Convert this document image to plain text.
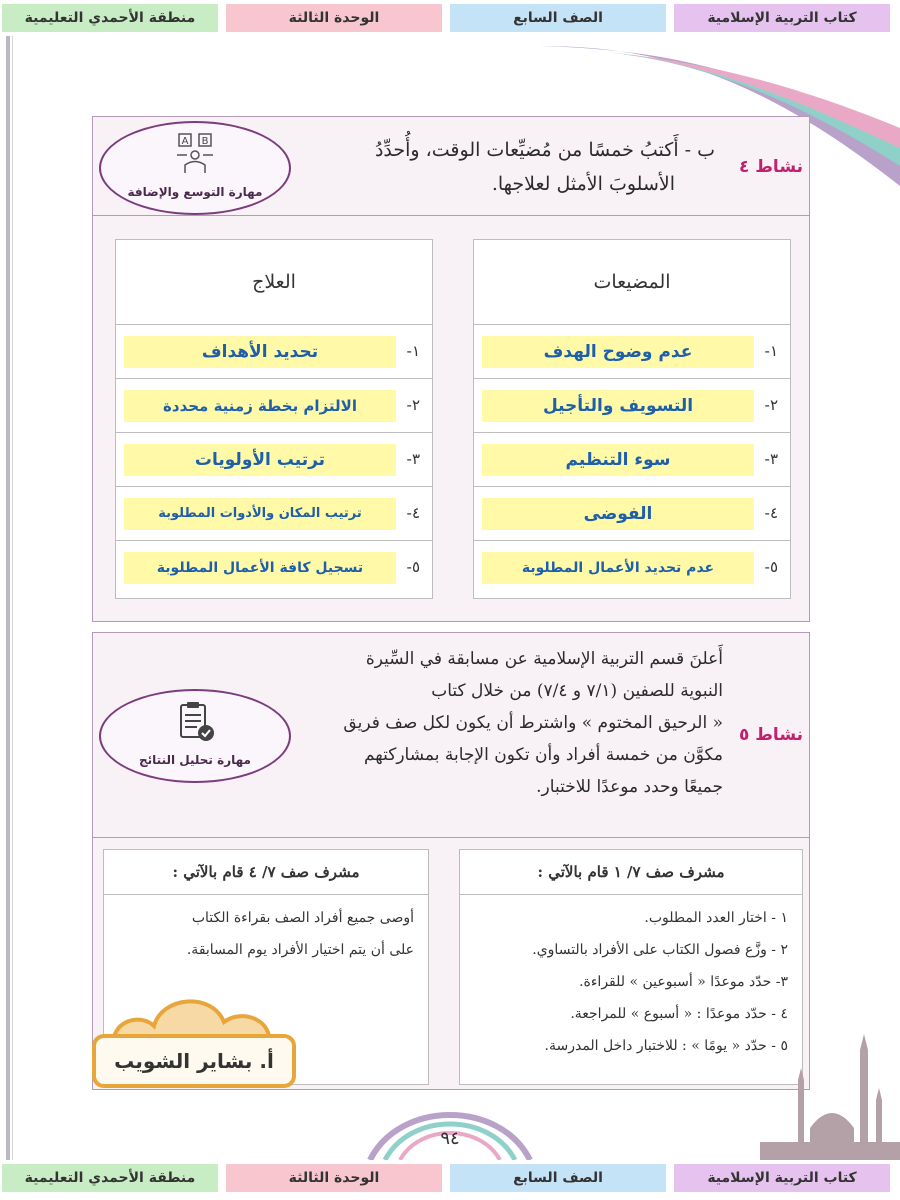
كتاب التربية الإسلامية
الصف السابع
الوحدة الثالثة
منطقة الأحمدي التعليمية
نشاط ٤
ب - أَكتبُ خمسًا من مُضيِّعات الوقت، وأُحدِّدُ
الأسلوبَ الأمثل لعلاجها.
A B
مهارة التوسع والإضافة
المضيعات
١-
عدم وضوح الهدف
٢-
التسويف والتأجيل
٣-
سوء التنظيم
٤-
الفوضى
٥-
عدم تحديد الأعمال المطلوبة
العلاج
١-
تحديد الأهداف
٢-
الالتزام بخطة زمنية محددة
٣-
ترتيب الأولويات
٤-
ترتيب المكان والأدوات المطلوبة
٥-
تسجيل كافة الأعمال المطلوبة
نشاط ٥
أَعلنَ قسم التربية الإسلامية عن مسابقة في السِّيرة
النبوية للصفين (٧/١ و ٧/٤) من خلال كتاب
« الرحيق المختوم » واشترط أن يكون لكل صف فريق
مكوَّن من خمسة أفراد وأن تكون الإجابة بمشاركتهم
جميعًا وحدد موعدًا للاختبار.
مهارة تحليل النتائج
مشرف صف ٧/ ١ قام بالآتي :
١ - اختار العدد المطلوب.
٢ - وزَّع فصول الكتاب على الأفراد بالتساوي.
٣- حدّد موعدًا « أسبوعين » للقراءة.
٤ - حدّد موعدًا : « أسبوع » للمراجعة.
٥ - حدّد « يومًا » : للاختبار داخل المدرسة.
مشرف صف ٧/ ٤ قام بالآتي :
أوصى جميع أفراد الصف بقراءة الكتاب
على أن يتم اختيار الأفراد يوم المسابقة.
أ. بشاير الشويب
٩٤
كتاب التربية الإسلامية
الصف السابع
الوحدة الثالثة
منطقة الأحمدي التعليمية
